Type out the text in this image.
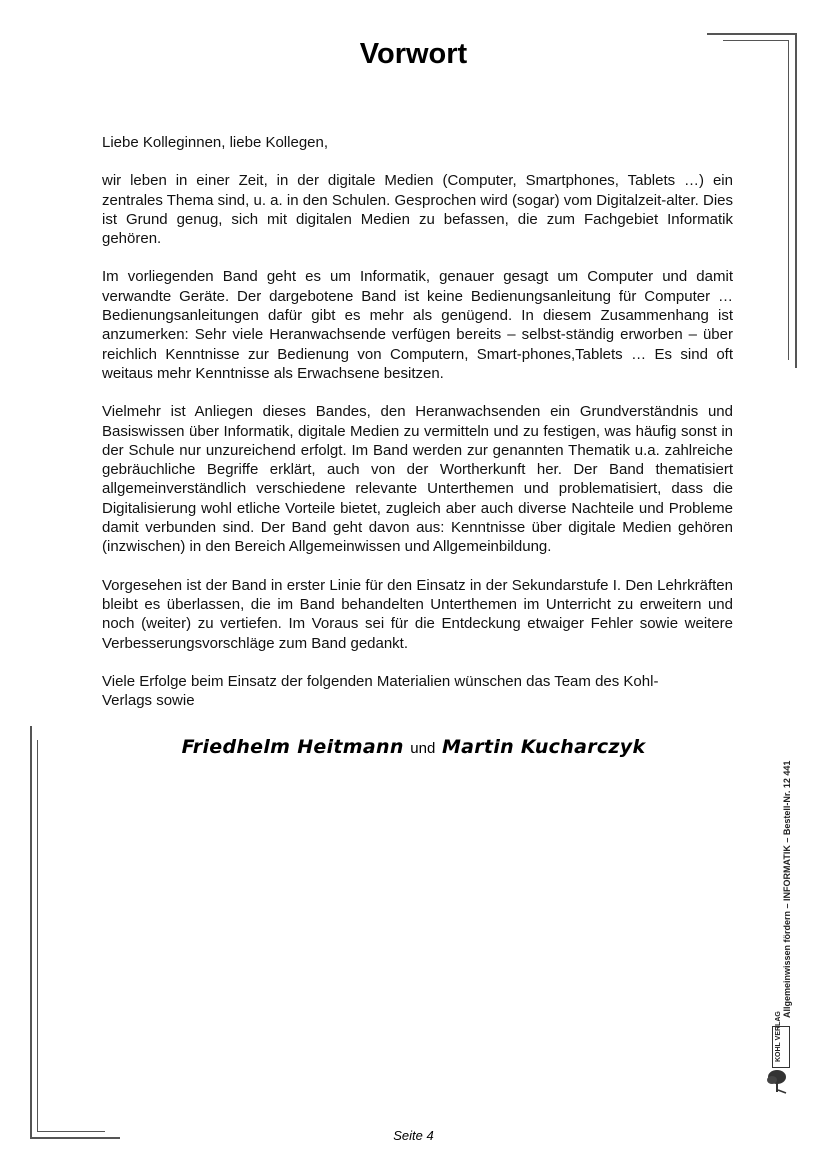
Vorwort

Liebe Kolleginnen, liebe Kollegen,

wir leben in einer Zeit, in der digitale Medien (Computer, Smartphones, Tablets …) ein zentrales Thema sind, u. a. in den Schulen. Gesprochen wird (sogar) vom Digitalzeit-alter. Dies ist Grund genug, sich mit digitalen Medien zu befassen, die zum Fachgebiet Informatik gehören.

Im vorliegenden Band geht es um Informatik, genauer gesagt um Computer und damit verwandte Geräte. Der dargebotene Band ist keine Bedienungsanleitung für Computer … Bedienungsanleitungen dafür gibt es mehr als genügend. In diesem Zusammenhang ist anzumerken: Sehr viele Heranwachsende verfügen bereits – selbst-ständig erworben – über reichlich Kenntnisse zur Bedienung von Computern, Smart-phones,Tablets … Es sind oft weitaus mehr Kenntnisse als Erwachsene besitzen.

Vielmehr ist Anliegen dieses Bandes, den Heranwachsenden ein Grundverständnis und Basiswissen über Informatik, digitale Medien zu vermitteln und zu festigen, was häufig sonst in der Schule nur unzureichend erfolgt. Im Band werden zur genannten Thematik u.a. zahlreiche gebräuchliche Begriffe erklärt, auch von der Wortherkunft her. Der Band thematisiert allgemeinverständlich verschiedene relevante Unterthemen und problematisiert, dass die Digitalisierung wohl etliche Vorteile bietet, zugleich aber auch diverse Nachteile und Probleme damit verbunden sind. Der Band geht davon aus: Kenntnisse über digitale Medien gehören (inzwischen) in den Bereich Allgemeinwissen und Allgemeinbildung.

Vorgesehen ist der Band in erster Linie für den Einsatz in der Sekundarstufe I. Den Lehrkräften bleibt es überlassen, die im Band behandelten Unterthemen im Unterricht zu erweitern und noch (weiter) zu vertiefen. Im Voraus sei für die Entdeckung etwaiger Fehler sowie weitere Verbesserungsvorschläge zum Band gedankt.

Viele Erfolge beim Einsatz der folgenden Materialien wünschen das Team des Kohl-Verlags sowie

Friedhelm Heitmann und Martin Kucharczyk
Allgemeinwissen fördern – INFORMATIK – Bestell-Nr. 12 441
KOHL VERLAG
Seite 4
